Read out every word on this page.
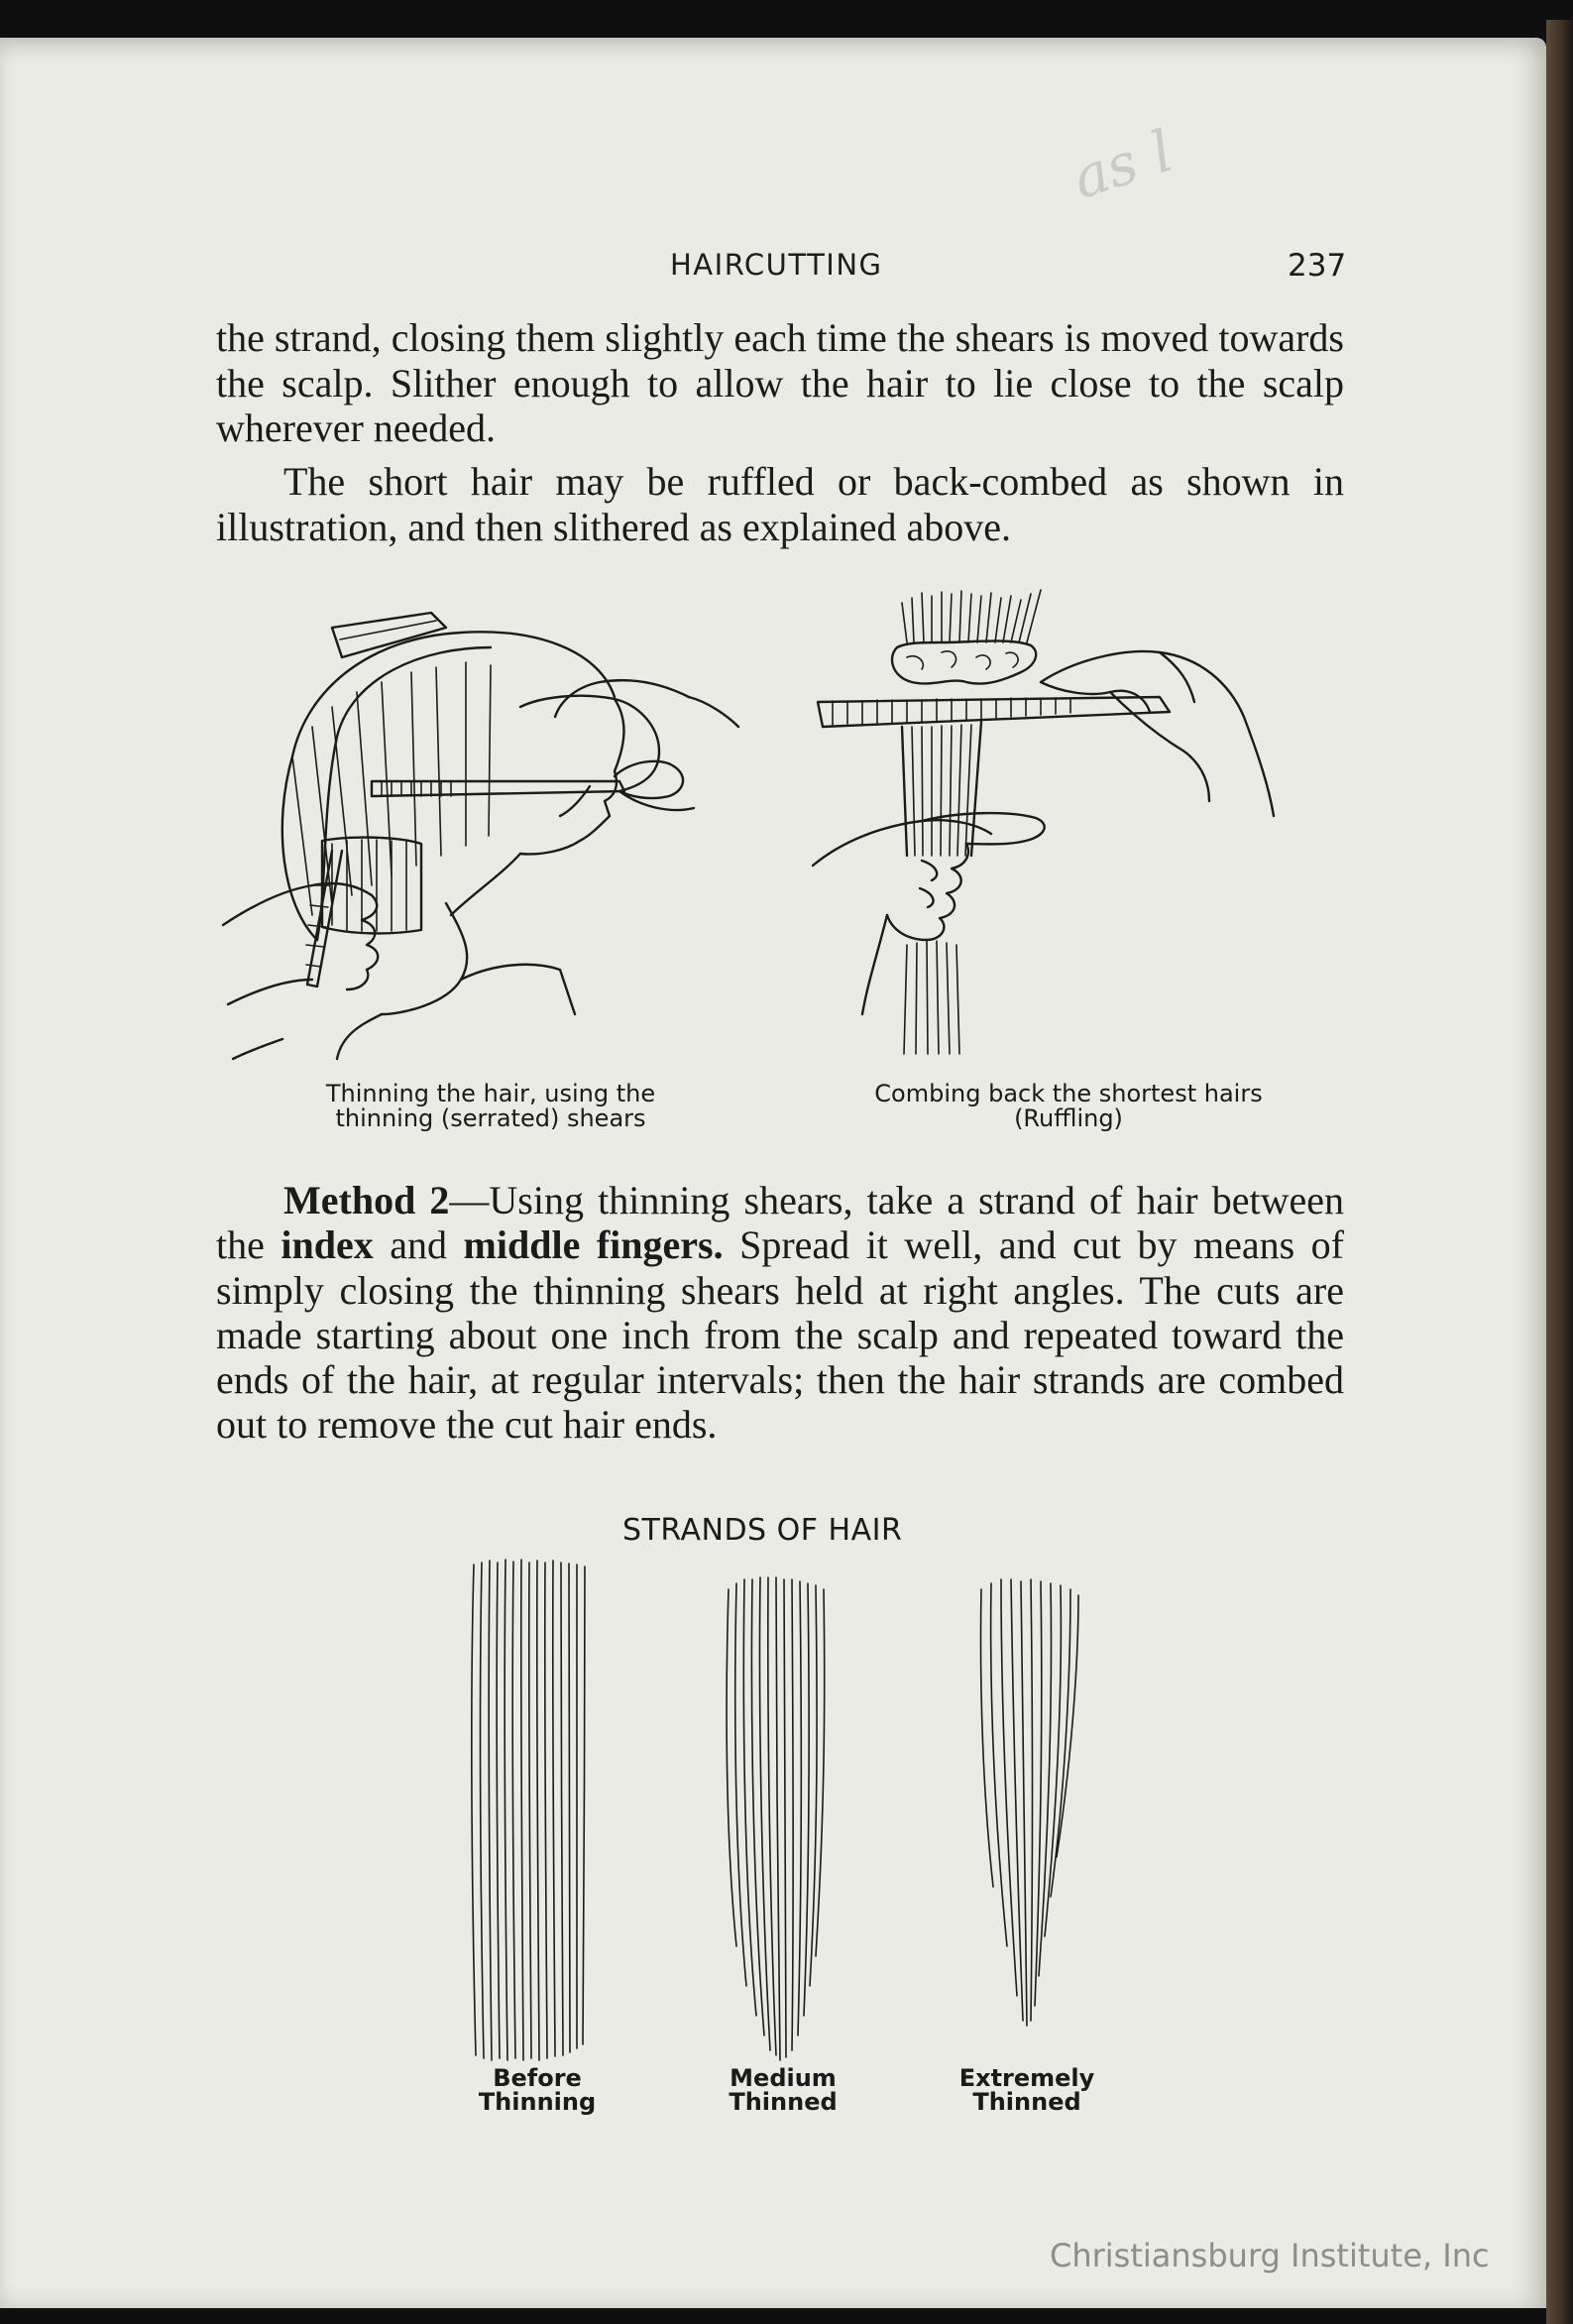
as l
HAIRCUTTING	237

the strand, closing them slightly each time the shears is moved towards the scalp. Slither enough to allow the hair to lie close to the scalp wherever needed.

The short hair may be ruffled or back-combed as shown in illustration, and then slithered as explained above.

Thinning the hair, using the
thinning (serrated) shears
Combing back the shortest hairs
(Ruffling)

Method 2—Using thinning shears, take a strand of hair between the index and middle fingers. Spread it well, and cut by means of simply closing the thinning shears held at right angles. The cuts are made starting about one inch from the scalp and repeated toward the ends of the hair, at regular intervals; then the hair strands are combed out to remove the cut hair ends.

STRANDS OF HAIR
Before
Thinning
Medium
Thinned
Extremely
Thinned
Christiansburg Institute, Inc
